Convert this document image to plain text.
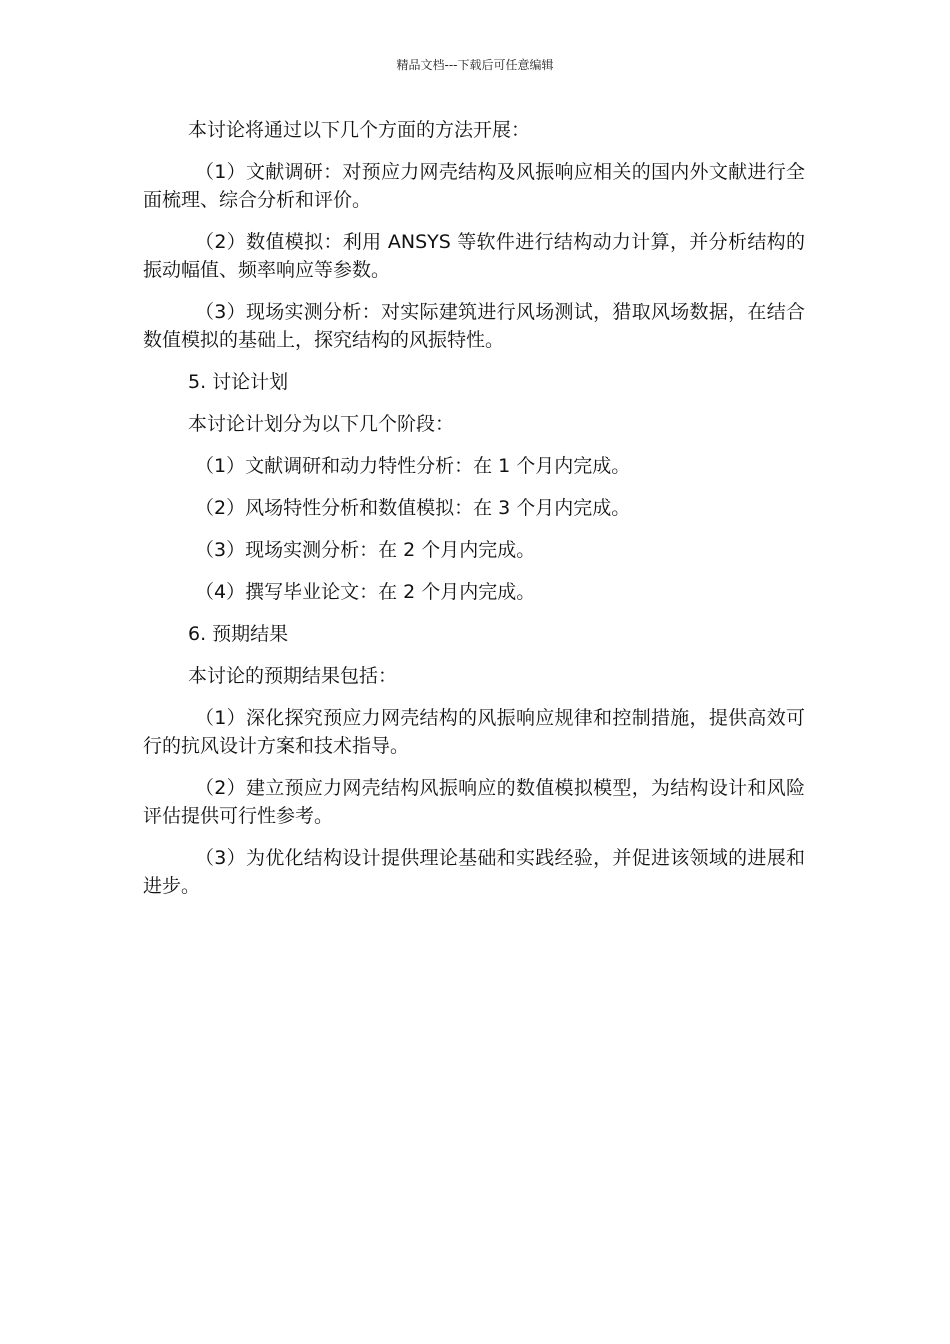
精品文档---下载后可任意编辑

本讨论将通过以下几个方面的方法开展：

（1）文献调研：对预应力网壳结构及风振响应相关的国内外文献进行全面梳理、综合分析和评价。

（2）数值模拟：利用 ANSYS 等软件进行结构动力计算，并分析结构的振动幅值、频率响应等参数。

（3）现场实测分析：对实际建筑进行风场测试，猎取风场数据，在结合数值模拟的基础上，探究结构的风振特性。

5. 讨论计划

本讨论计划分为以下几个阶段：

（1）文献调研和动力特性分析：在 1 个月内完成。

（2）风场特性分析和数值模拟：在 3 个月内完成。

（3）现场实测分析：在 2 个月内完成。

（4）撰写毕业论文：在 2 个月内完成。

6. 预期结果

本讨论的预期结果包括：

（1）深化探究预应力网壳结构的风振响应规律和控制措施，提供高效可行的抗风设计方案和技术指导。

（2）建立预应力网壳结构风振响应的数值模拟模型，为结构设计和风险评估提供可行性参考。

（3）为优化结构设计提供理论基础和实践经验，并促进该领域的进展和进步。
